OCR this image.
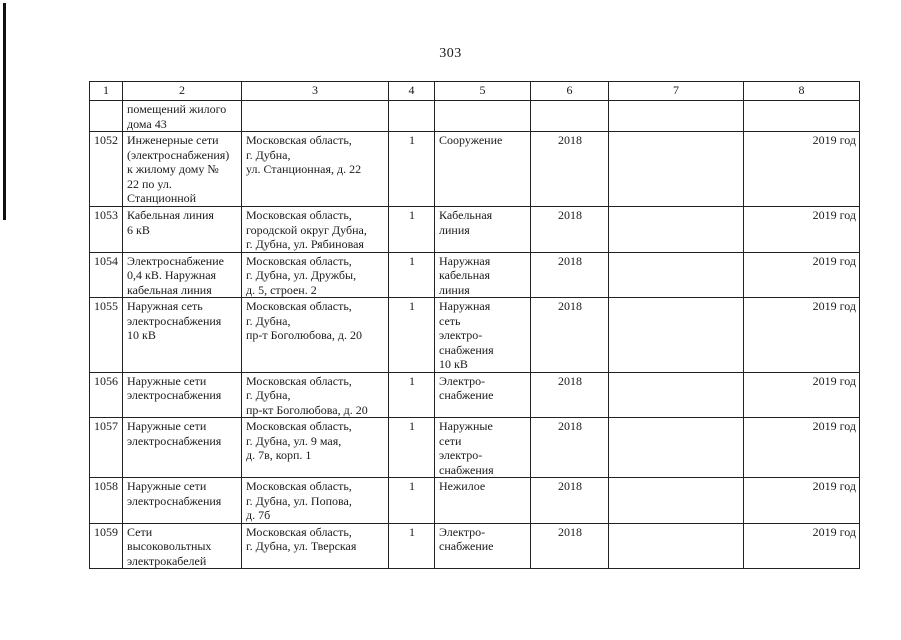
303
1	2	3	4	5	6	7	8
	помещений жилого
дома 43						
1052	Инженерные сети
(электроснабжения)
к жилому дому №
22 по ул.
Станционной	Московская область,
г. Дубна,
ул. Станционная, д. 22	1	Сооружение	2018		2019 год
1053	Кабельная линия
6 кВ	Московская область,
городской округ Дубна,
г. Дубна, ул. Рябиновая	1	Кабельная
линия	2018		2019 год
1054	Электроснабжение
0,4 кВ. Наружная
кабельная линия	Московская область,
г. Дубна, ул. Дружбы,
д. 5, строен. 2	1	Наружная
кабельная
линия	2018		2019 год
1055	Наружная сеть
электроснабжения
10 кВ	Московская область,
г. Дубна,
пр-т Боголюбова, д. 20	1	Наружная
сеть
электро-
снабжения
10 кВ	2018		2019 год
1056	Наружные сети
электроснабжения	Московская область,
г. Дубна,
пр-кт Боголюбова, д. 20	1	Электро-
снабжение	2018		2019 год
1057	Наружные сети
электроснабжения	Московская область,
г. Дубна, ул. 9 мая,
д. 7в, корп. 1	1	Наружные
сети
электро-
снабжения	2018		2019 год
1058	Наружные сети
электроснабжения	Московская область,
г. Дубна, ул. Попова,
д. 7б	1	Нежилое	2018		2019 год
1059	Сети
высоковольтных
электрокабелей	Московская область,
г. Дубна, ул. Тверская	1	Электро-
снабжение	2018		2019 год
